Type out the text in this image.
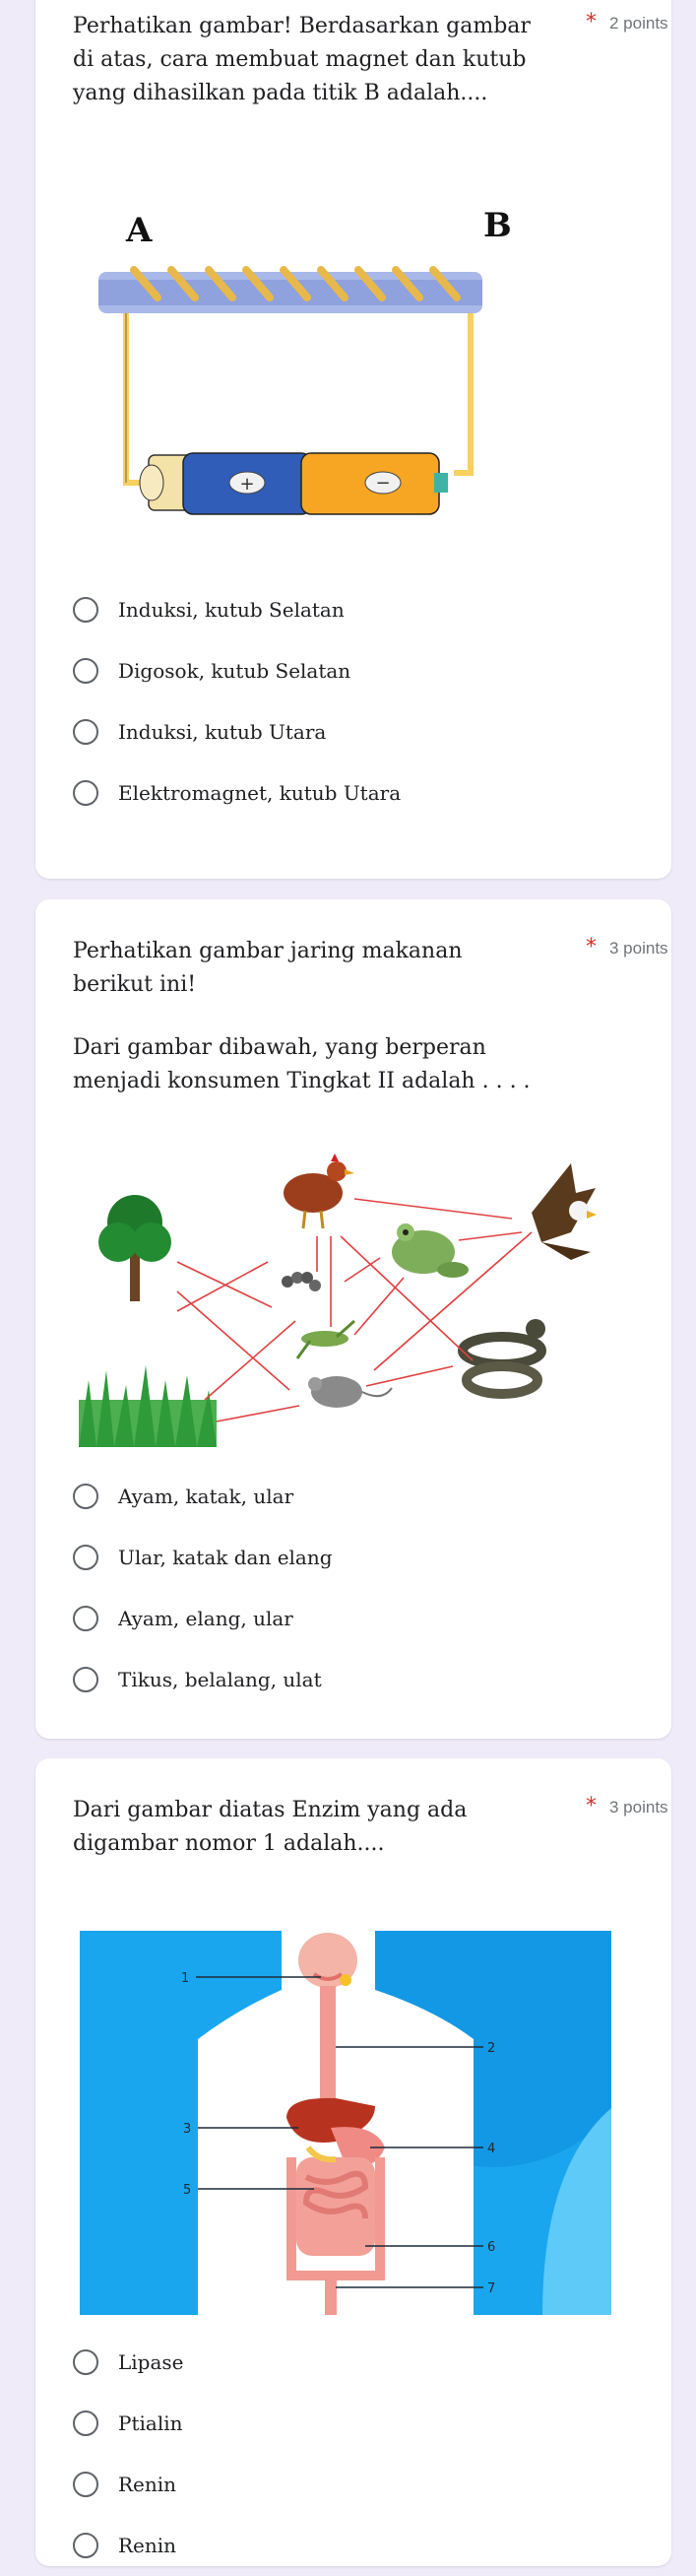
Perhatikan gambar! Berdasarkan gambar di atas, cara membuat magnet dan kutub yang dihasilkan pada titik B adalah....
* 2 points
A	B
+	−
Induksi, kutub Selatan
Digosok, kutub Selatan
Induksi, kutub Utara
Elektromagnet, kutub Utara
Perhatikan gambar jaring makanan berikut ini!
* 3 points
Dari gambar dibawah, yang berperan menjadi konsumen Tingkat II adalah . . . .
Ayam, katak, ular
Ular, katak dan elang
Ayam, elang, ular
Tikus, belalang, ulat
Dari gambar diatas Enzim yang ada digambar nomor 1 adalah....
* 3 points
1
2
3
4
5
6
7
Lipase
Ptialin
Renin
Renin
